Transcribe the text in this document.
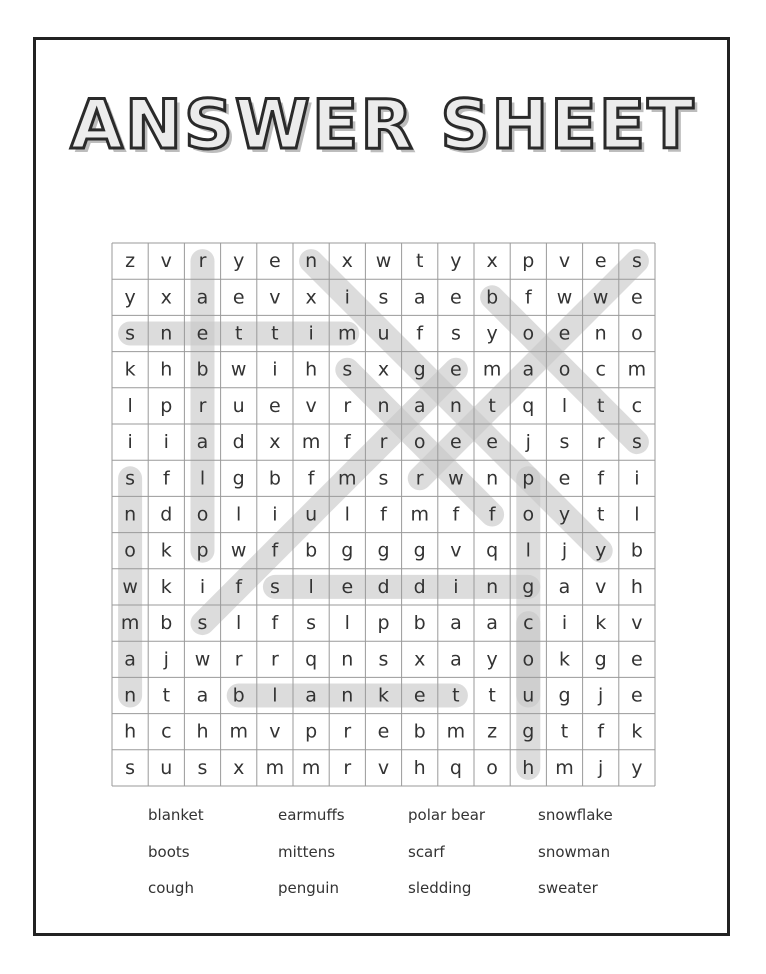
ANSWER SHEET
z v r y e n x w t y x p v e s
y x a e v x i s a e b f w w e
s n e t t i m u f s y o e n o
k h b w i h s x g e m a o c m
l p r u e v r n a n t q l t c
i i a d x m f r o e e j s r s
s f l g b f m s r w n p e f i
n d o l i u l f m f f o y t l
o k p w f b g g g v q l j y b
w k i f s l e d d i n g a v h
m b s l f s l p b a a c i k v
a j w r r q n s x a y o k g e
n t a b l a n k e t t u g j e
h c h m v p r e b m z g t f k
s u s x m m r v h q o h m j y
blanket	earmuffs	polar bear	snowflake
boots	mittens	scarf	snowman
cough	penguin	sledding	sweater
